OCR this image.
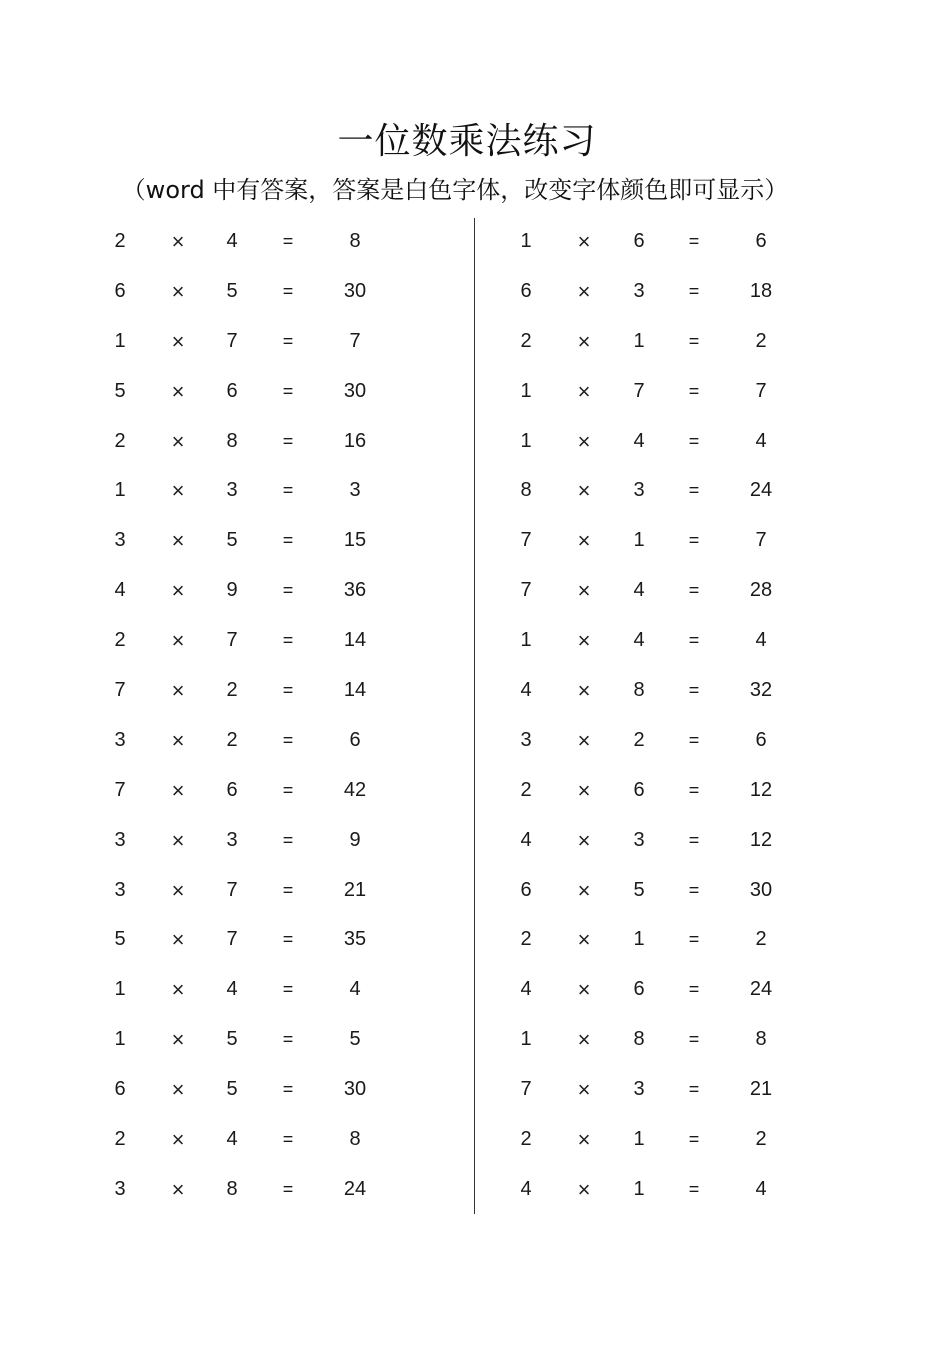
一位数乘法练习
（word 中有答案，答案是白色字体，改变字体颜色即可显示）
2	×	4	=	8
6	×	5	=	30
1	×	7	=	7
5	×	6	=	30
2	×	8	=	16
1	×	3	=	3
3	×	5	=	15
4	×	9	=	36
2	×	7	=	14
7	×	2	=	14
3	×	2	=	6
7	×	6	=	42
3	×	3	=	9
3	×	7	=	21
5	×	7	=	35
1	×	4	=	4
1	×	5	=	5
6	×	5	=	30
2	×	4	=	8
3	×	8	=	24
1	×	6	=	6
6	×	3	=	18
2	×	1	=	2
1	×	7	=	7
1	×	4	=	4
8	×	3	=	24
7	×	1	=	7
7	×	4	=	28
1	×	4	=	4
4	×	8	=	32
3	×	2	=	6
2	×	6	=	12
4	×	3	=	12
6	×	5	=	30
2	×	1	=	2
4	×	6	=	24
1	×	8	=	8
7	×	3	=	21
2	×	1	=	2
4	×	1	=	4
